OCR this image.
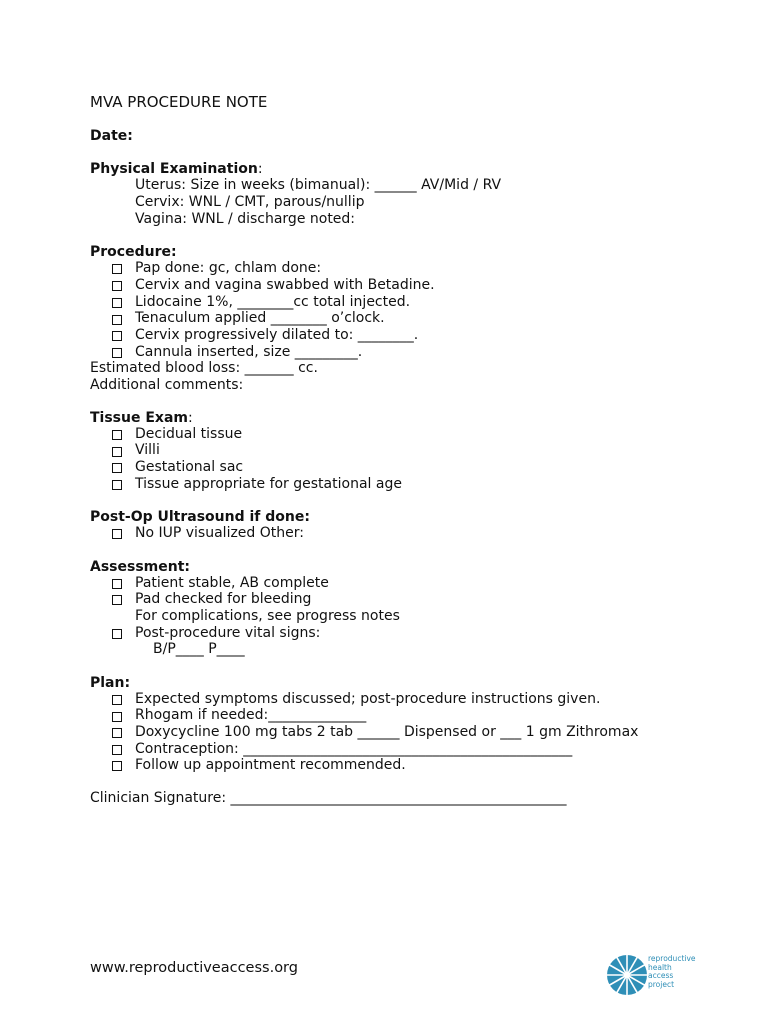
MVA PROCEDURE NOTE
Date:
Physical Examination:
Uterus: Size in weeks (bimanual): ______ AV/Mid / RV
Cervix: WNL / CMT, parous/nullip
Vagina: WNL / discharge noted:
Procedure:
Pap done: gc, chlam done:
Cervix and vagina swabbed with Betadine.
Lidocaine 1%, ________cc total injected.
Tenaculum applied ________ o’clock.
Cervix progressively dilated to: ________.
Cannula inserted, size _________.
Estimated blood loss: _______ cc.
Additional comments:
Tissue Exam:
Decidual tissue
Villi
Gestational sac
Tissue appropriate for gestational age
Post-Op Ultrasound if done:
No IUP visualized Other:
Assessment:
Patient stable, AB complete
Pad checked for bleeding
For complications, see progress notes
Post-procedure vital signs:
B/P____ P____
Plan:
Expected symptoms discussed; post-procedure instructions given.
Rhogam if needed:______________
Doxycycline 100 mg tabs 2 tab ______ Dispensed or ___ 1 gm Zithromax
Contraception: _______________________________________________
Follow up appointment recommended.
Clinician Signature: ________________________________________________
www.reproductiveaccess.org
reproductive
health
access
project
